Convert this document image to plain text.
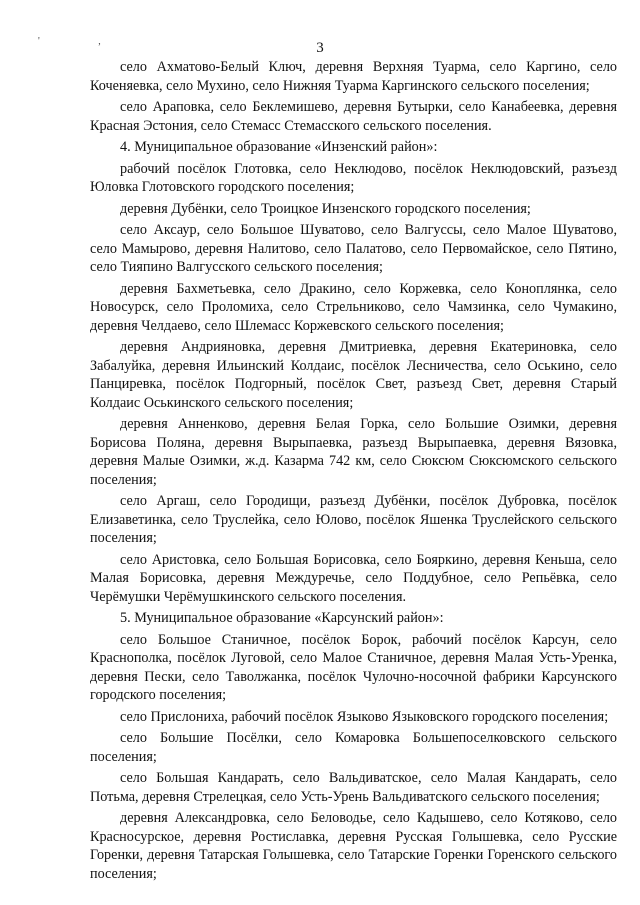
' ,	3

село Ахматово-Белый Ключ, деревня Верхняя Туарма, село Каргино, село Коченяевка, село Мухино, село Нижняя Туарма Каргинского сельского поселения;

село Араповка, село Беклемишево, деревня Бутырки, село Канабеевка, деревня Красная Эстония, село Стемасс Стемасского сельского поселения.

4. Муниципальное образование «Инзенский район»:

рабочий посёлок Глотовка, село Неклюдово, посёлок Неклюдовский, разъезд Юловка Глотовского городского поселения;

деревня Дубёнки, село Троицкое Инзенского городского поселения;

село Аксаур, село Большое Шуватово, село Валгуссы, село Малое Шуватово, село Мамырово, деревня Налитово, село Палатово, село Первомайское, село Пятино, село Тияпино Валгусского сельского поселения;

деревня Бахметьевка, село Дракино, село Коржевка, село Коноплянка, село Новосурск, село Проломиха, село Стрельниково, село Чамзинка, село Чумакино, деревня Челдаево, село Шлемасс Коржевского сельского поселения;

деревня Андрияновка, деревня Дмитриевка, деревня Екатериновка, село Забалуйка, деревня Ильинский Колдаис, посёлок Лесничества, село Оськино, село Панциревка, посёлок Подгорный, посёлок Свет, разъезд Свет, деревня Старый Колдаис Оськинского сельского поселения;

деревня Анненково, деревня Белая Горка, село Большие Озимки, деревня Борисова Поляна, деревня Вырыпаевка, разъезд Вырыпаевка, деревня Вязовка, деревня Малые Озимки, ж.д. Казарма 742 км, село Сюксюм Сюксюмского сельского поселения;

село Аргаш, село Городищи, разъезд Дубёнки, посёлок Дубровка, посёлок Елизаветинка, село Труслейка, село Юлово, посёлок Яшенка Труслейского сельского поселения;

село Аристовка, село Большая Борисовка, село Бояркино, деревня Кеньша, село Малая Борисовка, деревня Междуречье, село Поддубное, село Репьёвка, село Черёмушки Черёмушкинского сельского поселения.

5. Муниципальное образование «Карсунский район»:

село Большое Станичное, посёлок Борок, рабочий посёлок Карсун, село Краснополка, посёлок Луговой, село Малое Станичное, деревня Малая Усть-Уренка, деревня Пески, село Таволжанка, посёлок Чулочно-носочной фабрики Карсунского городского поселения;

село Прислониха, рабочий посёлок Языково Языковского городского поселения;

село Большие Посёлки, село Комаровка Большепоселковского сельского поселения;

село Большая Кандарать, село Вальдиватское, село Малая Кандарать, село Потьма, деревня Стрелецкая, село Усть-Урень Вальдиватского сельского поселения;

деревня Александровка, село Беловодье, село Кадышево, село Котяково, село Красносурское, деревня Ростиславка, деревня Русская Голышевка, село Русские Горенки, деревня Татарская Голышевка, село Татарские Горенки Горенского сельского поселения;
